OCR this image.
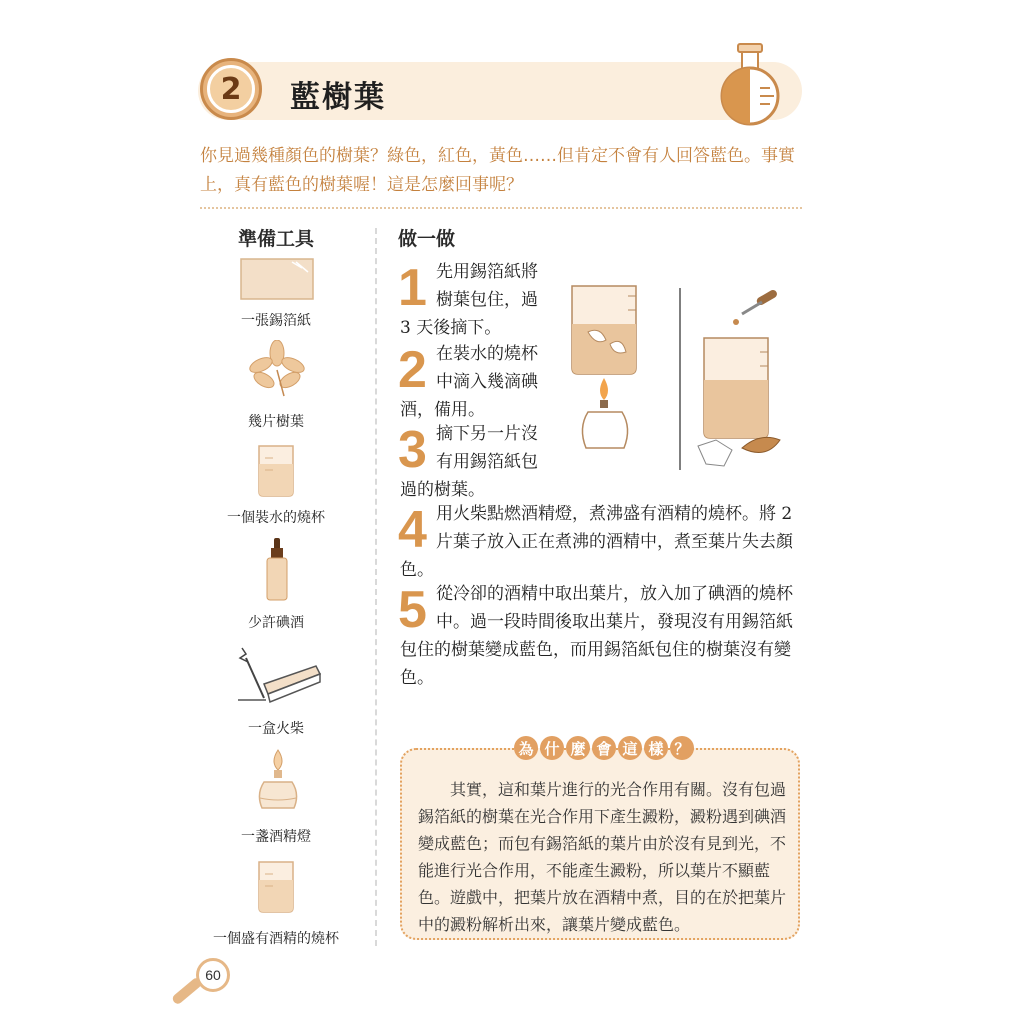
2	藍樹葉
你見過幾種顏色的樹葉？綠色，紅色，黃色……但肯定不會有人回答藍色。事實上，真有藍色的樹葉喔！這是怎麼回事呢？
準備工具
一張錫箔紙
幾片樹葉
一個裝水的燒杯
少許碘酒
一盒火柴
一盞酒精燈
一個盛有酒精的燒杯
做一做
1 先用錫箔紙將
樹葉包住，過
3 天後摘下。
2 在裝水的燒杯
中滴入幾滴碘
酒，備用。
3 摘下另一片沒
有用錫箔紙包
過的樹葉。
4 用火柴點燃酒精燈，煮沸盛有酒精的燒杯。將 2
片葉子放入正在煮沸的酒精中，煮至葉片失去顏
色。
5 從冷卻的酒精中取出葉片，放入加了碘酒的燒杯
中。過一段時間後取出葉片，發現沒有用錫箔紙
包住的樹葉變成藍色，而用錫箔紙包住的樹葉沒有變
色。
為 什 麼 會 這 樣 ？
其實，這和葉片進行的光合作用有關。沒有包過錫箔紙的樹葉在光合作用下產生澱粉，澱粉遇到碘酒變成藍色；而包有錫箔紙的葉片由於沒有見到光，不能進行光合作用，不能產生澱粉，所以葉片不顯藍色。遊戲中，把葉片放在酒精中煮，目的在於把葉片中的澱粉解析出來，讓葉片變成藍色。
60
